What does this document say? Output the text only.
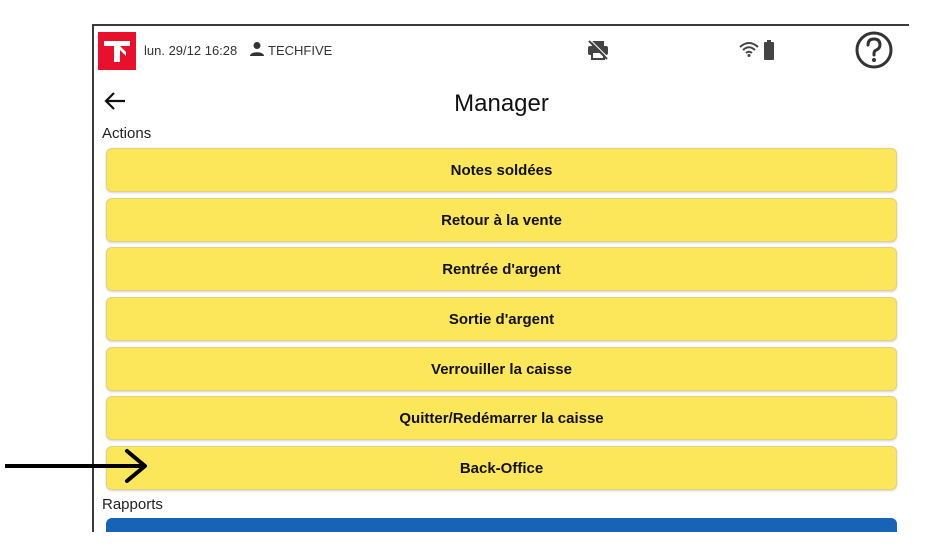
lun. 29/12 16:28 TECHFIVE
Manager
Actions
Notes soldées
Retour à la vente
Rentrée d'argent
Sortie d'argent
Verrouiller la caisse
Quitter/Redémarrer la caisse
Back-Office
Rapports
